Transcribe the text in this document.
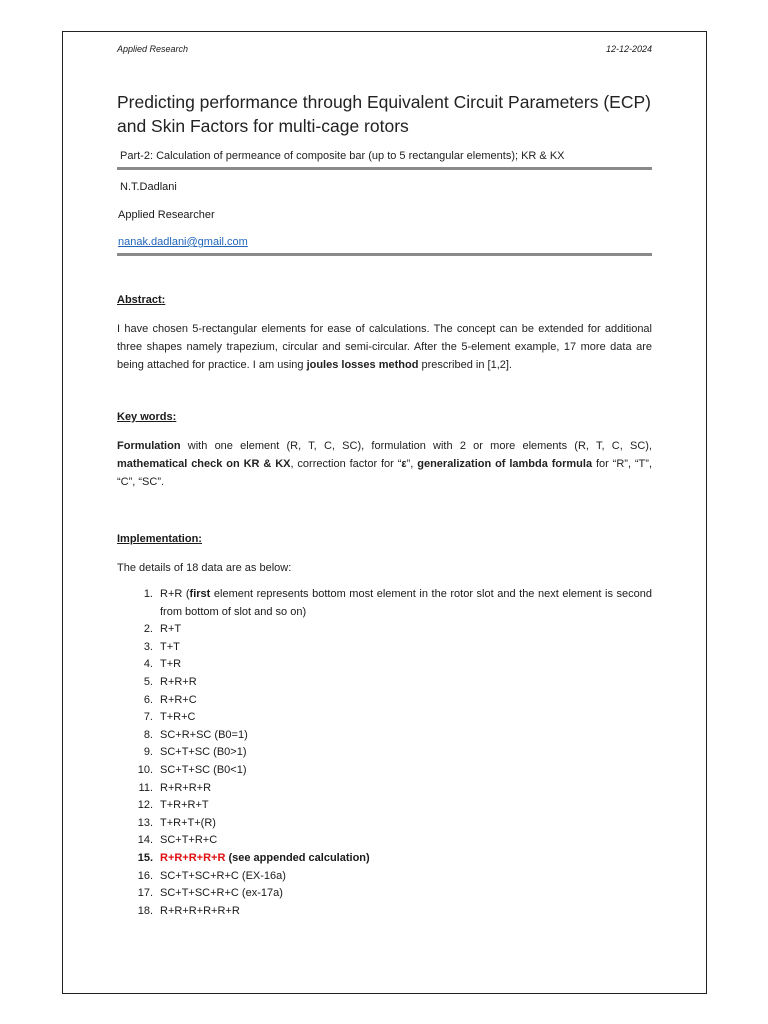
Applied Research	12-12-2024
Predicting performance through Equivalent Circuit Parameters (ECP) and Skin Factors for multi-cage rotors
Part-2: Calculation of permeance of composite bar (up to 5 rectangular elements); KR & KX
N.T.Dadlani
Applied Researcher
nanak.dadlani@gmail.com
Abstract:
I have chosen 5-rectangular elements for ease of calculations. The concept can be extended for additional three shapes namely trapezium, circular and semi-circular. After the 5-element example, 17 more data are being attached for practice. I am using joules losses method prescribed in [1,2].
Key words:
Formulation with one element (R, T, C, SC), formulation with 2 or more elements (R, T, C, SC), mathematical check on KR & KX, correction factor for “ε”, generalization of lambda formula for “R”, “T”, “C”, “SC”.
Implementation:
The details of 18 data are as below:
1. R+R (first element represents bottom most element in the rotor slot and the next element is second from bottom of slot and so on)
2. R+T
3. T+T
4. T+R
5. R+R+R
6. R+R+C
7. T+R+C
8. SC+R+SC (B0=1)
9. SC+T+SC (B0>1)
10. SC+T+SC (B0<1)
11. R+R+R+R
12. T+R+R+T
13. T+R+T+(R)
14. SC+T+R+C
15. R+R+R+R+R (see appended calculation)
16. SC+T+SC+R+C (EX-16a)
17. SC+T+SC+R+C (ex-17a)
18. R+R+R+R+R+R
